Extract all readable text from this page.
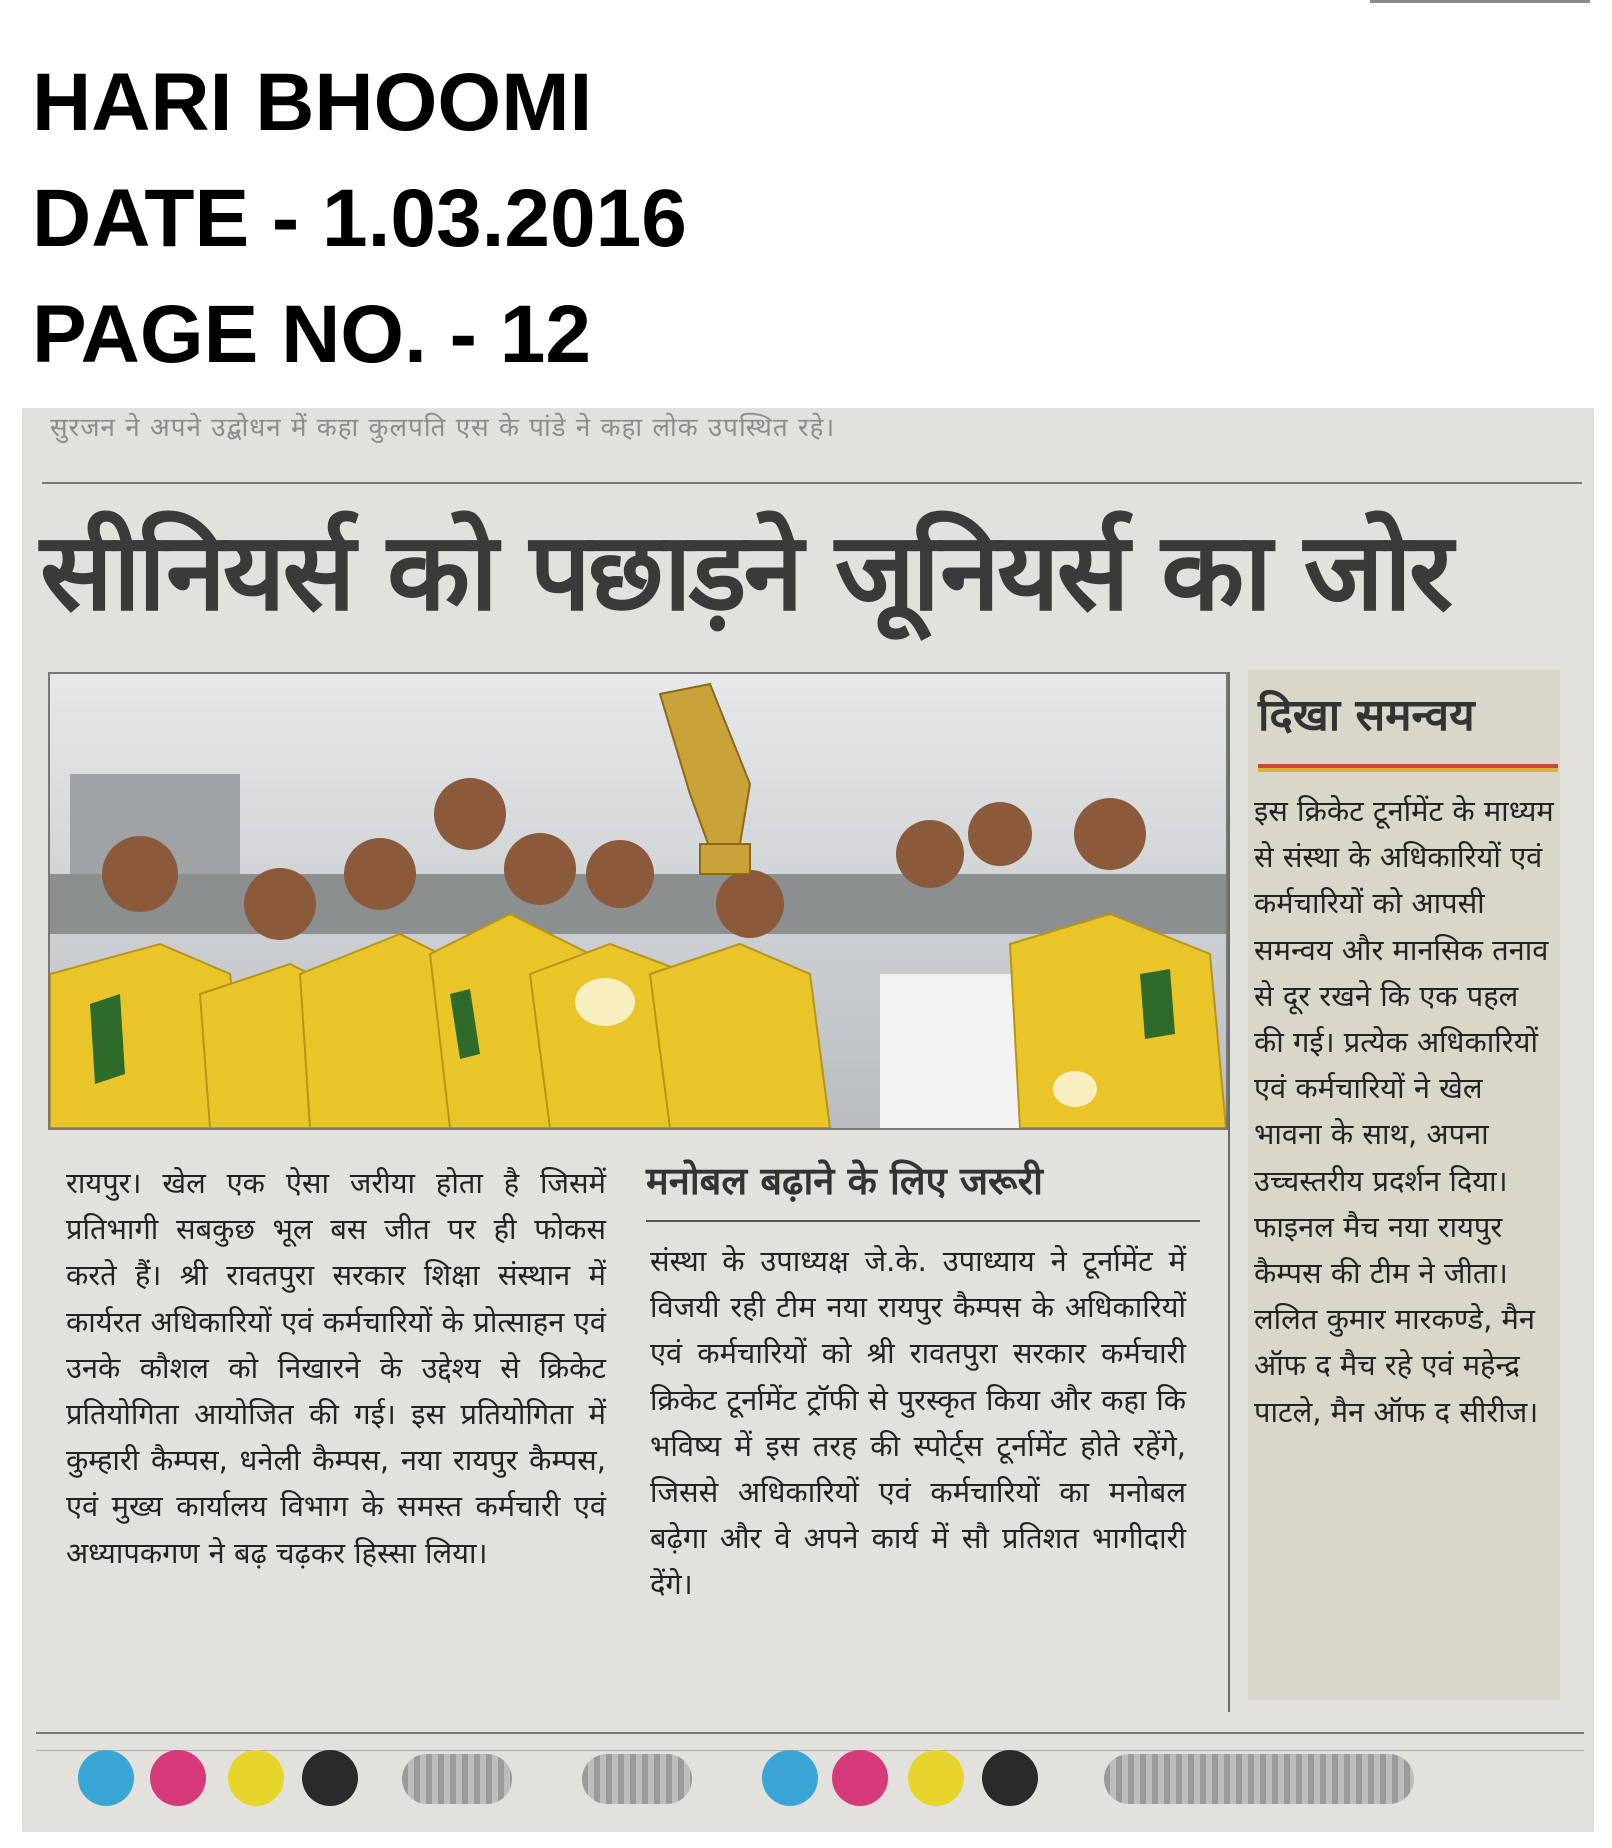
HARI BHOOMI
DATE - 1.03.2016
PAGE NO. - 12
सुरजन ने अपने उद्बोधन में कहा कुलपति एस के पांडे ने कहा लोक उपस्थित रहे।
सीनियर्स को पछाड़ने जूनियर्स का जोर

रायपुर। खेल एक ऐसा जरीया होता है जिसमें प्रतिभागी सबकुछ भूल बस जीत पर ही फोकस करते हैं। श्री रावतपुरा सरकार शिक्षा संस्थान में कार्यरत अधिकारियों एवं कर्मचारियों के प्रोत्साहन एवं उनके कौशल को निखारने के उद्देश्य से क्रिकेट प्रतियोगिता आयोजित की गई। इस प्रतियोगिता में कुम्हारी कैम्पस, धनेली कैम्पस, नया रायपुर कैम्पस, एवं मुख्य कार्यालय विभाग के समस्त कर्मचारी एवं अध्यापकगण ने बढ़ चढ़कर हिस्सा लिया।

मनोबल बढ़ाने के लिए जरूरी

संस्था के उपाध्यक्ष जे.के. उपाध्याय ने टूर्नामेंट में विजयी रही टीम नया रायपुर कैम्पस के अधिकारियों एवं कर्मचारियों को श्री रावतपुरा सरकार कर्मचारी क्रिकेट टूर्नामेंट ट्रॉफी से पुरस्कृत किया और कहा कि भविष्य में इस तरह की स्पोर्ट्स टूर्नामेंट होते रहेंगे, जिससे अधिकारियों एवं कर्मचारियों का मनोबल बढ़ेगा और वे अपने कार्य में सौ प्रतिशत भागीदारी देंगे।

दिखा समन्वय

इस क्रिकेट टूर्नामेंट के माध्यम से संस्था के अधिकारियों एवं कर्मचारियों को आपसी समन्वय और मानसिक तनाव से दूर रखने कि एक पहल की गई। प्रत्येक अधिकारियों एवं कर्मचारियों ने खेल भावना के साथ, अपना उच्चस्तरीय प्रदर्शन दिया। फाइनल मैच नया रायपुर कैम्पस की टीम ने जीता। ललित कुमार मारकण्डे, मैन ऑफ द मैच रहे एवं महेन्द्र पाटले, मैन ऑफ द सीरीज।
